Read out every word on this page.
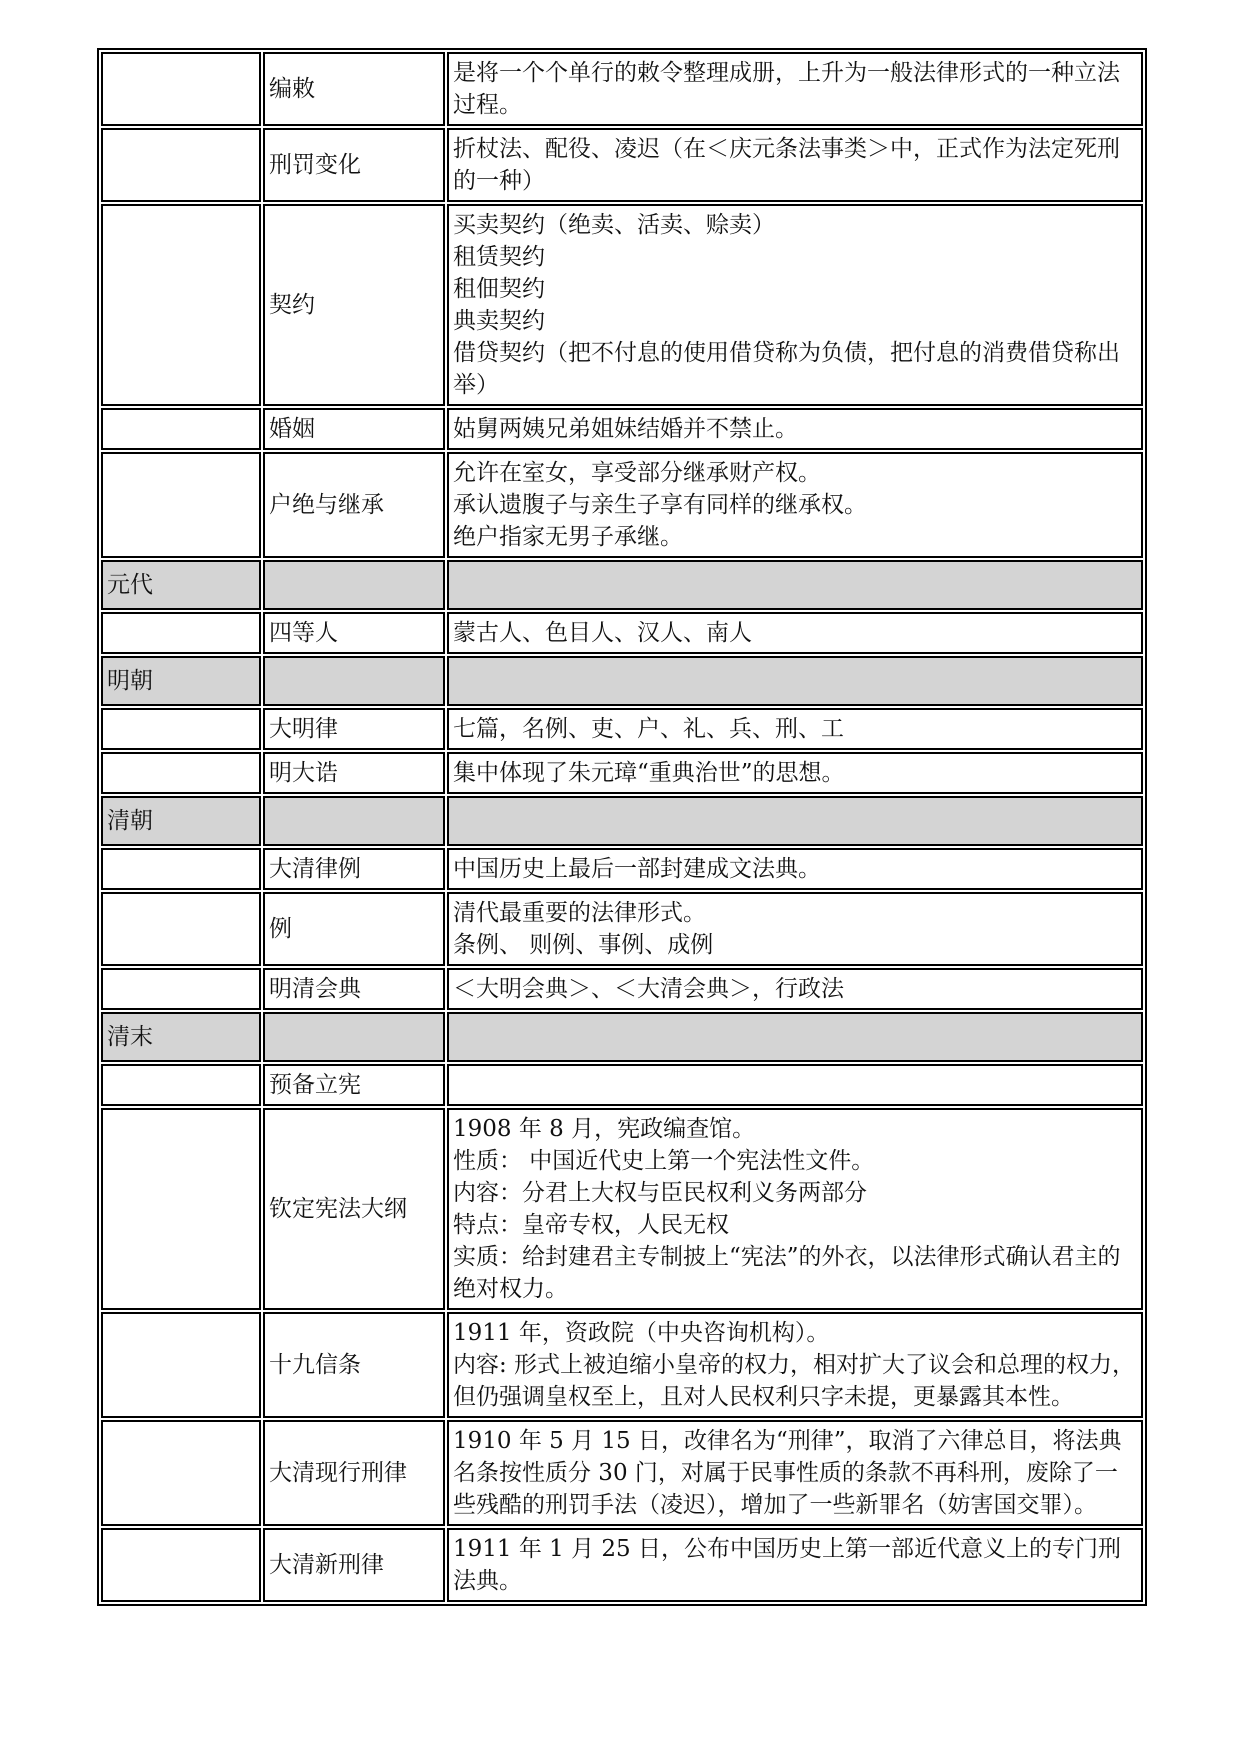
	编敕	是将一个个单行的敕令整理成册，上升为一般法律形式的一种立法过程。

	刑罚变化	折杖法、配役、凌迟（在＜庆元条法事类＞中，正式作为法定死刑的一种）

	契约	买卖契约（绝卖、活卖、赊卖）
租赁契约
租佃契约
典卖契约
借贷契约（把不付息的使用借贷称为负债，把付息的消费借贷称出举）

	婚姻	姑舅两姨兄弟姐妹结婚并不禁止。

	户绝与继承	允许在室女，享受部分继承财产权。
承认遗腹子与亲生子享有同样的继承权。
绝户指家无男子承继。

元代		

	四等人	蒙古人、色目人、汉人、南人

明朝		

	大明律	七篇，名例、吏、户、礼、兵、刑、工

	明大诰	集中体现了朱元璋“重典治世”的思想。

清朝		

	大清律例	中国历史上最后一部封建成文法典。

	例	清代最重要的法律形式。
条例、 则例、事例、成例

	明清会典	＜大明会典＞、＜大清会典＞，行政法

清末		

	预备立宪	

	钦定宪法大纲	1908 年 8 月，宪政编查馆。
性质： 中国近代史上第一个宪法性文件。
内容：分君上大权与臣民权利义务两部分
特点：皇帝专权，人民无权
实质：给封建君主专制披上“宪法”的外衣，以法律形式确认君主的绝对权力。

	十九信条	1911 年，资政院（中央咨询机构）。
内容: 形式上被迫缩小皇帝的权力，相对扩大了议会和总理的权力，但仍强调皇权至上，且对人民权利只字未提，更暴露其本性。

	大清现行刑律	1910 年 5 月 15 日，改律名为“刑律”，取消了六律总目，将法典名条按性质分 30 门，对属于民事性质的条款不再科刑，废除了一些残酷的刑罚手法（凌迟），增加了一些新罪名（妨害国交罪）。

	大清新刑律	1911 年 1 月 25 日，公布中国历史上第一部近代意义上的专门刑法典。
